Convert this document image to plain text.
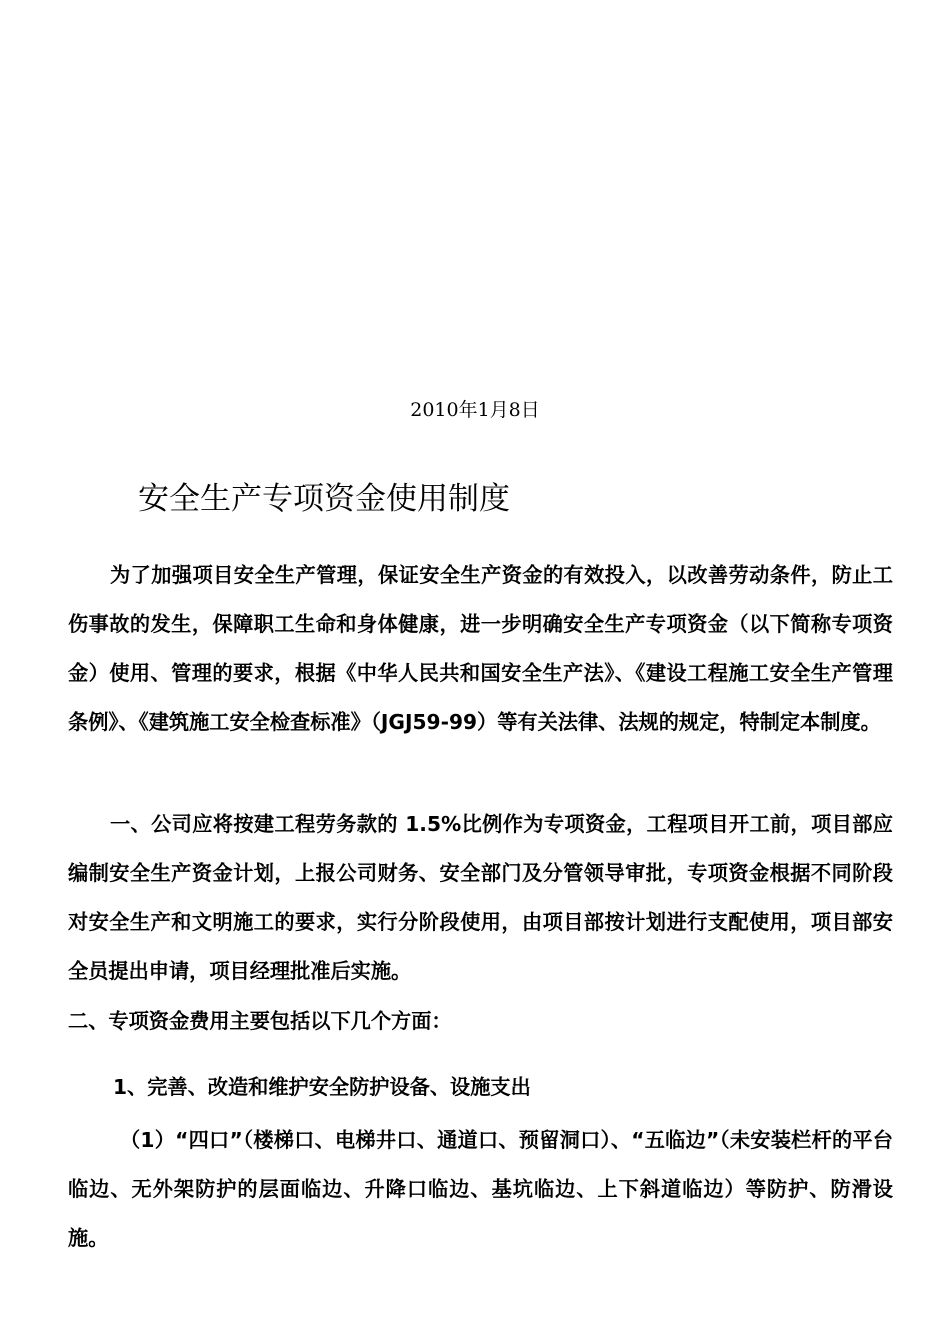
2010年1月8日
安全生产专项资金使用制度

为了加强项目安全生产管理，保证安全生产资金的有效投入，以改善劳动条件，防止工伤事故的发生，保障职工生命和身体健康，进一步明确安全生产专项资金（以下简称专项资金）使用、管理的要求，根据《中华人民共和国安全生产法》、《建设工程施工安全生产管理条例》、《建筑施工安全检查标准》（JGJ59-99）等有关法律、法规的规定，特制定本制度。

一、公司应将按建工程劳务款的 1.5%比例作为专项资金，工程项目开工前，项目部应编制安全生产资金计划，上报公司财务、安全部门及分管领导审批，专项资金根据不同阶段对安全生产和文明施工的要求，实行分阶段使用，由项目部按计划进行支配使用，项目部安全员提出申请，项目经理批准后实施。

二、专项资金费用主要包括以下几个方面：

1、完善、改造和维护安全防护设备、设施支出

（1）“四口”（楼梯口、电梯井口、通道口、预留洞口）、“五临边”（未安装栏杆的平台临边、无外架防护的层面临边、升降口临边、基坑临边、上下斜道临边）等防护、防滑设施。
